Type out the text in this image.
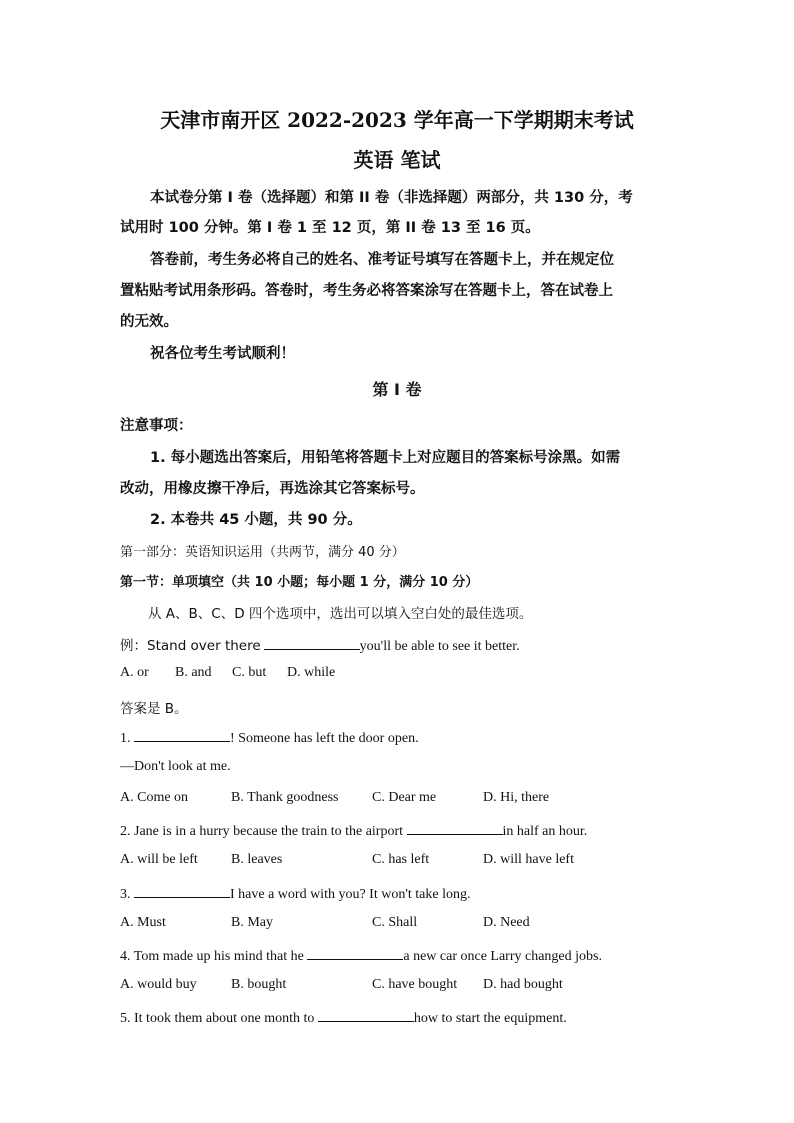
天津市南开区 2022-2023 学年高一下学期期末考试
英语 笔试
本试卷分第 I 卷（选择题）和第 II 卷（非选择题）两部分，共 130 分，考
试用时 100 分钟。第 I 卷 1 至 12 页，第 II 卷 13 至 16 页。
答卷前，考生务必将自己的姓名、准考证号填写在答题卡上，并在规定位
置粘贴考试用条形码。答卷时，考生务必将答案涂写在答题卡上，答在试卷上
的无效。
祝各位考生考试顺利！
第 I 卷
注意事项：
1. 每小题选出答案后，用铅笔将答题卡上对应题目的答案标号涂黑。如需
改动，用橡皮擦干净后，再选涂其它答案标号。
2. 本卷共 45 小题，共 90 分。
第一部分：英语知识运用（共两节，满分 40 分）
第一节：单项填空（共 10 小题；每小题 1 分，满分 10 分）
从 A、B、C、D 四个选项中，选出可以填入空白处的最佳选项。
例：Stand over there	you'll be able to see it better.
A. or B. and C. but D. while
答案是 B。
1.	! Someone has left the door open.
—Don't look at me.
A. Come on	B. Thank goodness C. Dear me	D. Hi, there
2. Jane is in a hurry because the train to the airport	in half an hour.
A. will be left B. leaves	C. has left	D. will have left
3.	I have a word with you? It won't take long.
A. Must	B. May	C. Shall	D. Need
4. Tom made up his mind that he	a new car once Larry changed jobs.
A. would buy B. bought	C. have bought D. had bought
5. It took them about one month to	how to start the equipment.
